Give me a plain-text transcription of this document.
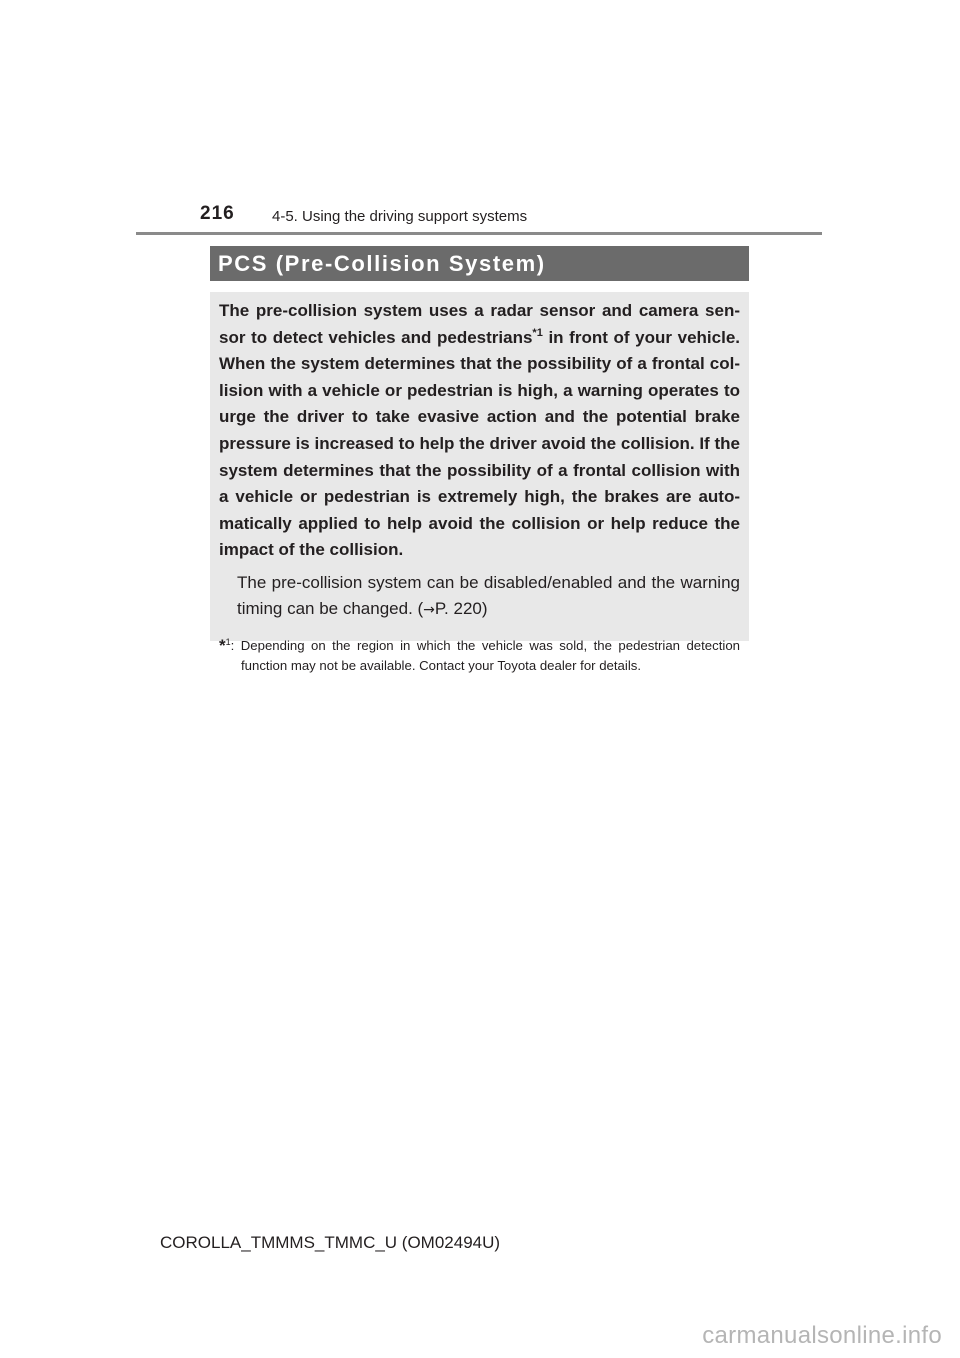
216 4-5. Using the driving support systems
PCS (Pre-Collision System)

The pre-collision system uses a radar sensor and camera sen-sor to detect vehicles and pedestrians$^{*1}$ in front of your vehicle. When the system determines that the possibility of a frontal col-lision with a vehicle or pedestrian is high, a warning operates to urge the driver to take evasive action and the potential brake pressure is increased to help the driver avoid the collision. If the system determines that the possibility of a frontal collision with a vehicle or pedestrian is extremely high, the brakes are auto-matically applied to help avoid the collision or help reduce the impact of the collision.

The pre-collision system can be disabled/enabled and the warning timing can be changed. (→P. 220)

*$^1$: Depending on the region in which the vehicle was sold, the pedestrian detection function may not be available. Contact your Toyota dealer for details.

COROLLA_TMMMS_TMMC_U (OM02494U)
carmanualsonline.info
